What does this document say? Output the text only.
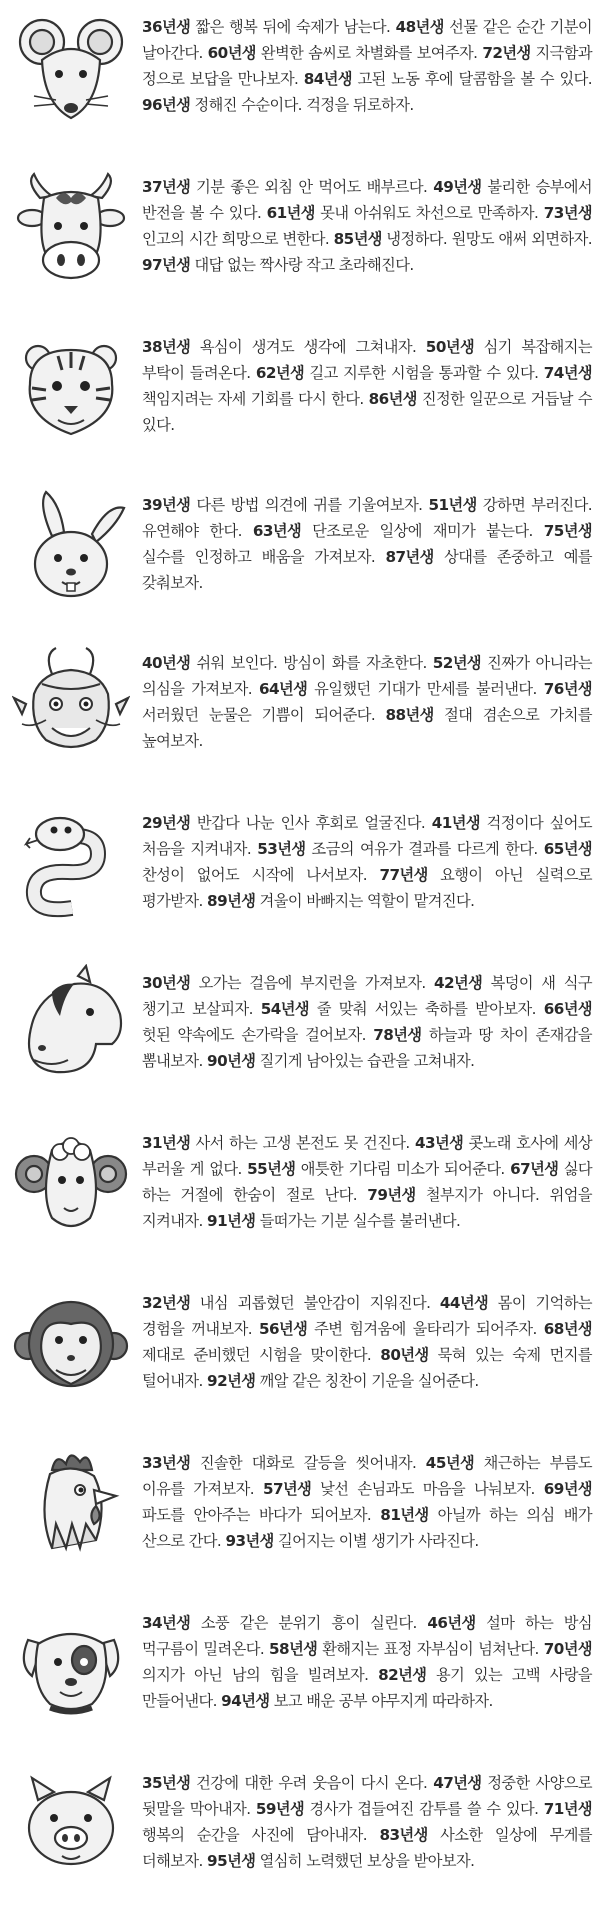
36년생 짧은 행복 뒤에 숙제가 남는다. 48년생 선물 같은 순간 기분이 날아간다. 60년생 완벽한 솜씨로 차별화를 보여주자. 72년생 지극함과 정으로 보답을 만나보자. 84년생 고된 노동 후에 달콤함을 볼 수 있다. 96년생 정해진 수순이다. 걱정을 뒤로하자.
37년생 기분 좋은 외침 안 먹어도 배부르다. 49년생 불리한 승부에서 반전을 볼 수 있다. 61년생 못내 아쉬워도 차선으로 만족하자. 73년생 인고의 시간 희망으로 변한다. 85년생 냉정하다. 원망도 애써 외면하자. 97년생 대답 없는 짝사랑 작고 초라해진다.
38년생 욕심이 생겨도 생각에 그쳐내자. 50년생 심기 복잡해지는 부탁이 들려온다. 62년생 길고 지루한 시험을 통과할 수 있다. 74년생 책임지려는 자세 기회를 다시 한다. 86년생 진정한 일꾼으로 거듭날 수 있다.
39년생 다른 방법 의견에 귀를 기울여보자. 51년생 강하면 부러진다. 유연해야 한다. 63년생 단조로운 일상에 재미가 붙는다. 75년생 실수를 인정하고 배움을 가져보자. 87년생 상대를 존중하고 예를 갖춰보자.
40년생 쉬워 보인다. 방심이 화를 자초한다. 52년생 진짜가 아니라는 의심을 가져보자. 64년생 유일했던 기대가 만세를 불러낸다. 76년생 서러웠던 눈물은 기쁨이 되어준다. 88년생 절대 겸손으로 가치를 높여보자.
29년생 반갑다 나눈 인사 후회로 얼굴진다. 41년생 걱정이다 싶어도 처음을 지켜내자. 53년생 조금의 여유가 결과를 다르게 한다. 65년생 찬성이 없어도 시작에 나서보자. 77년생 요행이 아닌 실력으로 평가받자. 89년생 겨울이 바빠지는 역할이 맡겨진다.
30년생 오가는 걸음에 부지런을 가져보자. 42년생 복덩이 새 식구 챙기고 보살피자. 54년생 줄 맞춰 서있는 축하를 받아보자. 66년생 헛된 약속에도 손가락을 걸어보자. 78년생 하늘과 땅 차이 존재감을 뽐내보자. 90년생 질기게 남아있는 습관을 고쳐내자.
31년생 사서 하는 고생 본전도 못 건진다. 43년생 콧노래 호사에 세상 부러울 게 없다. 55년생 애틋한 기다림 미소가 되어준다. 67년생 싫다 하는 거절에 한숨이 절로 난다. 79년생 철부지가 아니다. 위엄을 지켜내자. 91년생 들떠가는 기분 실수를 불러낸다.
32년생 내심 괴롭혔던 불안감이 지워진다. 44년생 몸이 기억하는 경험을 꺼내보자. 56년생 주변 힘겨움에 울타리가 되어주자. 68년생 제대로 준비했던 시험을 맞이한다. 80년생 묵혀 있는 숙제 먼지를 털어내자. 92년생 깨알 같은 칭찬이 기운을 실어준다.
33년생 진솔한 대화로 갈등을 씻어내자. 45년생 채근하는 부름도 이유를 가져보자. 57년생 낯선 손님과도 마음을 나눠보자. 69년생 파도를 안아주는 바다가 되어보자. 81년생 아닐까 하는 의심 배가 산으로 간다. 93년생 길어지는 이별 생기가 사라진다.
34년생 소풍 같은 분위기 흥이 실린다. 46년생 설마 하는 방심 먹구름이 밀려온다. 58년생 환해지는 표정 자부심이 넘쳐난다. 70년생 의지가 아닌 남의 힘을 빌려보자. 82년생 용기 있는 고백 사랑을 만들어낸다. 94년생 보고 배운 공부 야무지게 따라하자.
35년생 건강에 대한 우려 웃음이 다시 온다. 47년생 정중한 사양으로 뒷말을 막아내자. 59년생 경사가 겹들여진 감투를 쓸 수 있다. 71년생 행복의 순간을 사진에 담아내자. 83년생 사소한 일상에 무게를 더해보자. 95년생 열심히 노력했던 보상을 받아보자.
